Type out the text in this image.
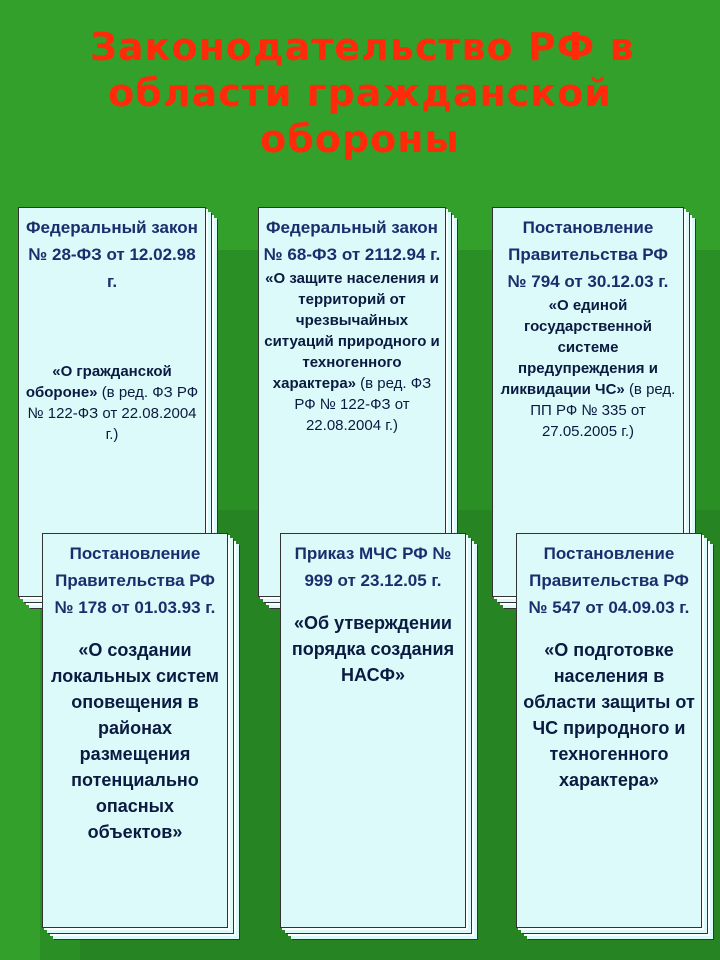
Законодательство РФ в
области гражданской
обороны
Федеральный закон № 28-ФЗ от 12.02.98 г.
«О гражданской обороне» (в ред. ФЗ РФ № 122-ФЗ от 22.08.2004 г.)
Федеральный закон № 68-ФЗ от 2112.94 г.
«О защите населения и территорий от чрезвычайных ситуаций природного и техногенного характера» (в ред. ФЗ РФ № 122-ФЗ от 22.08.2004 г.)
Постановление Правительства РФ № 794 от 30.12.03 г.
«О единой государственной системе предупреждения и ликвидации ЧС» (в ред. ПП РФ № 335 от 27.05.2005 г.)
Постановление Правительства РФ № 178 от 01.03.93 г.
«О создании локальных систем оповещения в районах размещения потенциально опасных объектов»
Приказ МЧС РФ № 999 от 23.12.05 г.
«Об утверждении порядка создания НАСФ»
Постановление Правительства РФ № 547 от 04.09.03 г.
«О подготовке населения в области защиты от ЧС природного и техногенного характера»
